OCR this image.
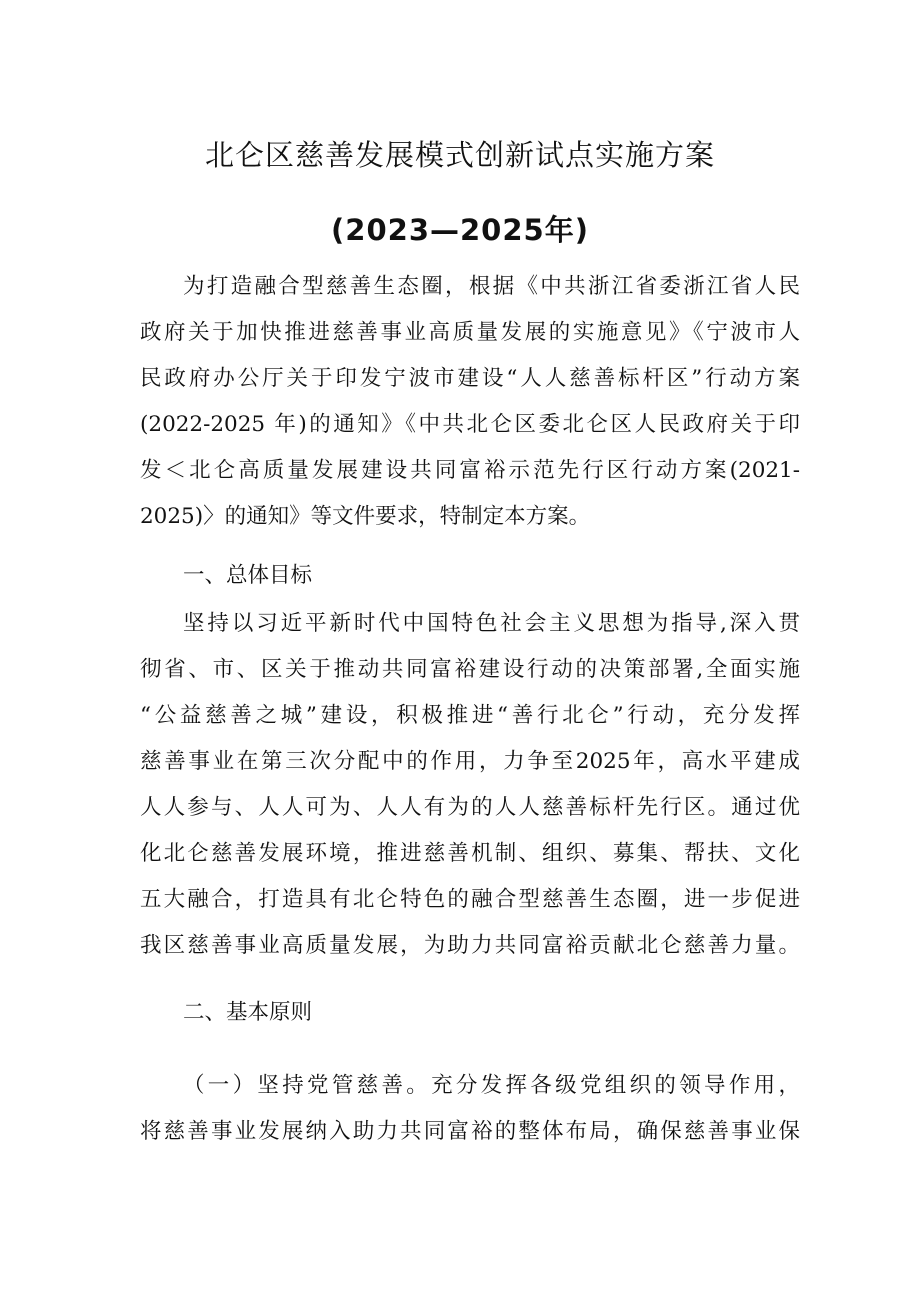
北仑区慈善发展模式创新试点实施方案
(2023—2025年)
为打造融合型慈善生态圈，根据《中共浙江省委浙江省人民
政府关于加快推进慈善事业高质量发展的实施意见》《宁波市人
民政府办公厅关于印发宁波市建设“人人慈善标杆区”行动方案
(2022-2025 年)的通知》《中共北仑区委北仑区人民政府关于印
发＜北仑高质量发展建设共同富裕示范先行区行动方案(2021-
2025)〉的通知》等文件要求，特制定本方案。
一、总体目标
坚持以习近平新时代中国特色社会主义思想为指导,深入贯
彻省、市、区关于推动共同富裕建设行动的决策部署,全面实施
“公益慈善之城”建设，积极推进“善行北仑”行动，充分发挥
慈善事业在第三次分配中的作用，力争至2025年，高水平建成
人人参与、人人可为、人人有为的人人慈善标杆先行区。通过优
化北仑慈善发展环境，推进慈善机制、组织、募集、帮扶、文化
五大融合，打造具有北仑特色的融合型慈善生态圈，进一步促进
我区慈善事业高质量发展，为助力共同富裕贡献北仑慈善力量。
二、基本原则
（一）坚持党管慈善。充分发挥各级党组织的领导作用，
将慈善事业发展纳入助力共同富裕的整体布局，确保慈善事业保
